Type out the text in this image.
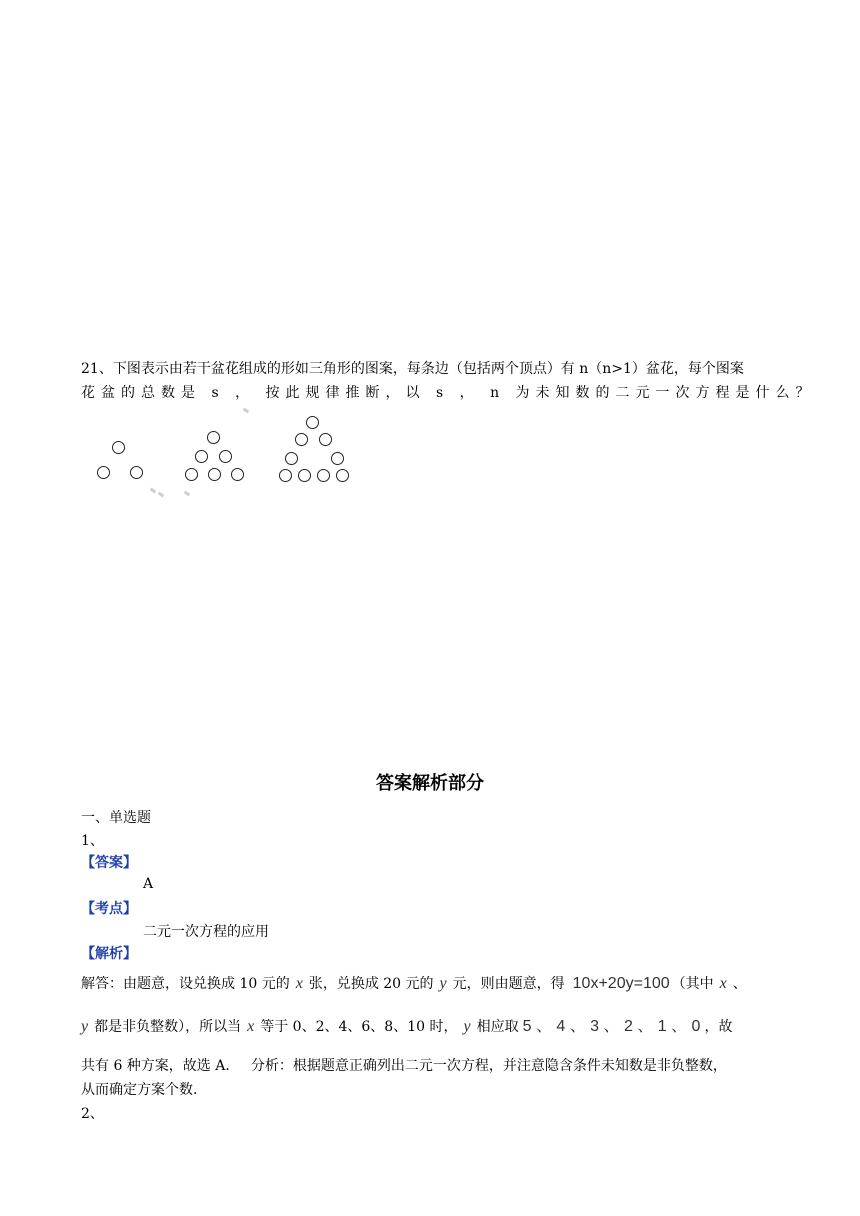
21、下图表示由若干盆花组成的形如三角形的图案，每条边（包括两个顶点）有 n（n>1）盆花，每个图案
花盆的总数是 s ， 按此规律推断，以 s ， n 为未知数的二元一次方程是什么？
答案解析部分
一、单选题
1、
【答案】
A
【考点】
二元一次方程的应用
【解析】
解答：由题意，设兑换成 10 元的 x 张，兑换成 20 元的 y 元，则由题意，得 10x+20y=100 （其中 x 、
y 都是非负整数），所以当 x 等于 0、2、4、6、8、10 时， y 相应取 5 、 4 、 3 、 2 、 1 、 0 ，故
共有 6 种方案，故选 A．　 分析：根据题意正确列出二元一次方程，并注意隐含条件未知数是非负整数，
从而确定方案个数．
2、
